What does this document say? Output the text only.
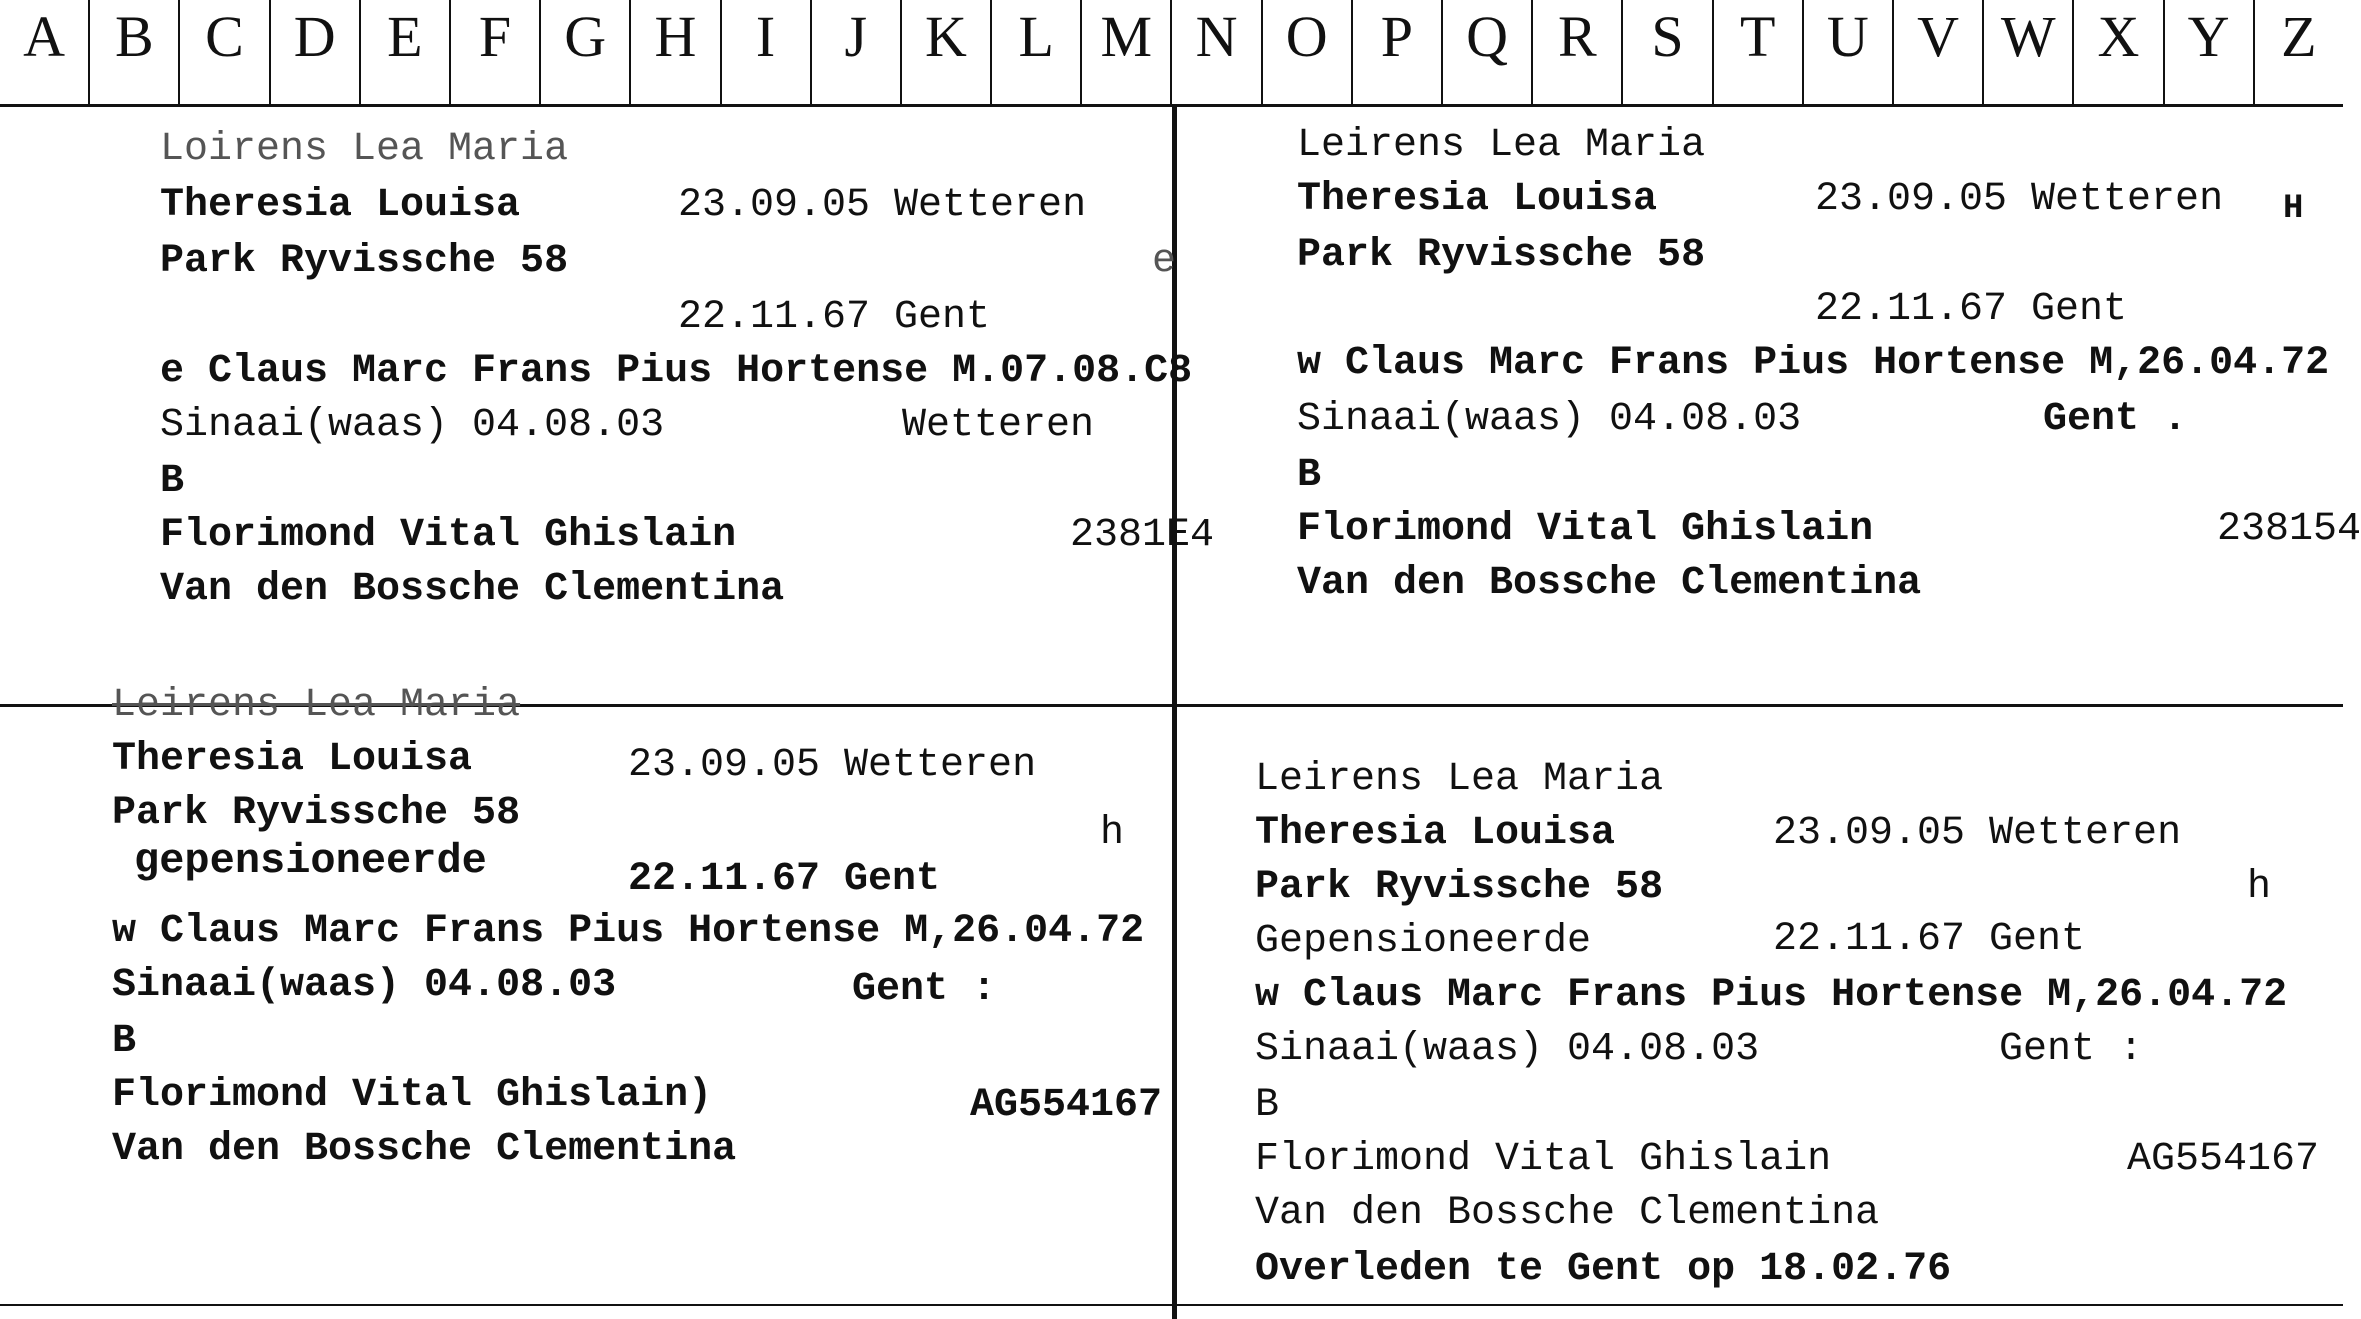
A B C D E F G H	I	J K L M N O P Q R S T U V W X Y Z
Loirens Lea Maria
Theresia Louisa	23.09.05 Wetteren
Park Ryvissche 58	e
22.11.67 Gent
e Claus Marc Frans Pius Hortense M.07.08.C8
Sinaai(waas) 04.08.03	Wetteren
B
Florimond Vital Ghislain	2381E4
Van den Bossche Clementina
Leirens Lea Maria
Theresia Louisa	23.09.05 Wetteren H
Park Ryvissche 58
22.11.67 Gent
w Claus Marc Frans Pius Hortense M,26.04.72
Sinaai(waas) 04.08.03	Gent .
B
Florimond Vital Ghislain	238154
Van den Bossche Clementina
Leirens Lea Maria
Theresia Louisa	23.09.05 Wetteren
Park Ryvissche 58	h
gepensioneerde	22.11.67 Gent
w Claus Marc Frans Pius Hortense M,26.04.72
Sinaai(waas) 04.08.03	Gent :
B
Florimond Vital Ghislain)	AG554167
Van den Bossche Clementina
Leirens Lea Maria
Theresia Louisa	23.09.05 Wetteren
Park Ryvissche 58	h
Gepensioneerde	22.11.67 Gent
w Claus Marc Frans Pius Hortense M,26.04.72
Sinaai(waas) 04.08.03	Gent :
B
Florimond Vital Ghislain	AG554167
Van den Bossche Clementina
Overleden te Gent op 18.02.76
